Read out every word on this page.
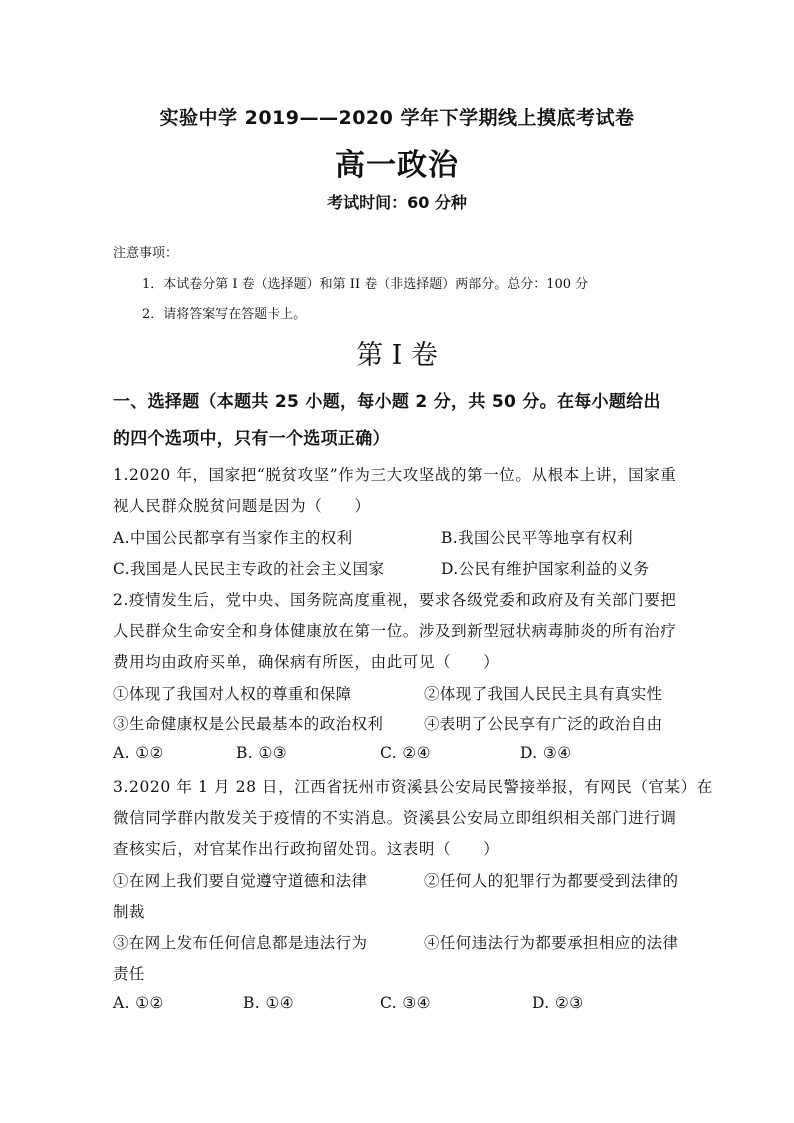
实验中学 2019——2020 学年下学期线上摸底考试卷
高一政治
考试时间：60 分种
注意事项：
1．本试卷分第 I 卷（选择题）和第 II 卷（非选择题）两部分。总分：100 分
2．请将答案写在答题卡上。
第 I 卷
一、选择题（本题共 25 小题，每小题 2 分，共 50 分。在每小题给出
的四个选项中，只有一个选项正确）
1.2020 年，国家把“脱贫攻坚”作为三大攻坚战的第一位。从根本上讲，国家重
视人民群众脱贫问题是因为（　　）
A.中国公民都享有当家作主的权利	B.我国公民平等地享有权利
C.我国是人民民主专政的社会主义国家	D.公民有维护国家利益的义务
2.疫情发生后，党中央、国务院高度重视，要求各级党委和政府及有关部门要把
人民群众生命安全和身体健康放在第一位。涉及到新型冠状病毒肺炎的所有治疗
费用均由政府买单，确保病有所医，由此可见（　　）
①体现了我国对人权的尊重和保障	②体现了我国人民民主具有真实性
③生命健康权是公民最基本的政治权利	④表明了公民享有广泛的政治自由
A. ①②	B. ①③	C. ②④	D. ③④
3.2020 年 1 月 28 日，江西省抚州市资溪县公安局民警接举报，有网民（官某）在
微信同学群内散发关于疫情的不实消息。资溪县公安局立即组织相关部门进行调
查核实后，对官某作出行政拘留处罚。这表明（　　）
①在网上我们要自觉遵守道德和法律	②任何人的犯罪行为都要受到法律的
制裁
③在网上发布任何信息都是违法行为	④任何违法行为都要承担相应的法律
责任
A. ①②	B. ①④	C. ③④	D. ②③
